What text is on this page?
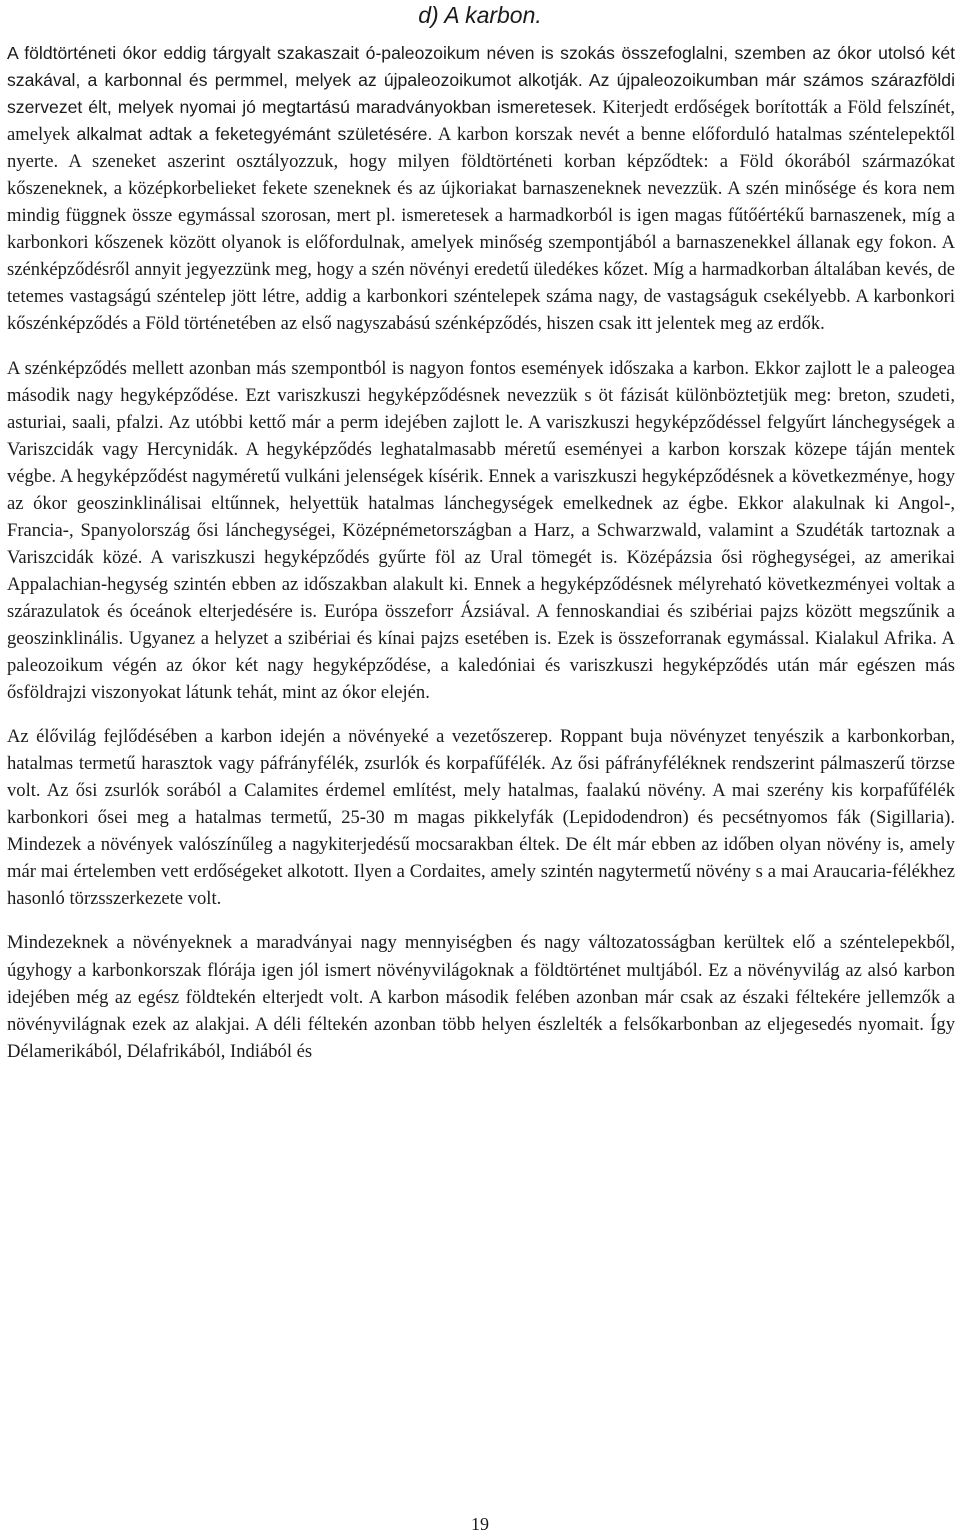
d) A karbon.

A földtörténeti ókor eddig tárgyalt szakaszait ó-paleozoikum néven is szokás összefoglalni, szemben az ókor utolsó két szakával, a karbonnal és permmel, melyek az újpaleozoikumot alkotják. Az újpaleozoikumban már számos szárazföldi szervezet élt, melyek nyomai jó megtartású maradványokban ismeretesek. Kiterjedt erdőségek borították a Föld felszínét, amelyek alkalmat adtak a feketegyémánt születésére. A karbon korszak nevét a benne előforduló hatalmas széntelepektől nyerte. A szeneket aszerint osztályozzuk, hogy milyen földtörténeti korban képződtek: a Föld ókorából származókat kőszeneknek, a középkorbelieket fekete szeneknek és az újkoriakat barnaszeneknek nevezzük. A szén minősége és kora nem mindig függnek össze egymással szorosan, mert pl. ismeretesek a harmadkorból is igen magas fűtőértékű barnaszenek, míg a karbonkori kőszenek között olyanok is előfordulnak, amelyek minőség szempontjából a barnaszenekkel állanak egy fokon. A szénképződésről annyit jegyezzünk meg, hogy a szén növényi eredetű üledékes kőzet. Míg a harmadkorban általában kevés, de tetemes vastagságú széntelep jött létre, addig a karbonkori széntelepek száma nagy, de vastagságuk csekélyebb. A karbonkori kőszénképződés a Föld történetében az első nagyszabású szénképződés, hiszen csak itt jelentek meg az erdők.

A szénképződés mellett azonban más szempontból is nagyon fontos események időszaka a karbon. Ekkor zajlott le a paleogea második nagy hegyképződése. Ezt variszkuszi hegyképződésnek nevezzük s öt fázisát különböztetjük meg: breton, szudeti, asturiai, saali, pfalzi. Az utóbbi kettő már a perm idejében zajlott le. A variszkuszi hegyképződéssel felgyűrt lánchegységek a Variszcidák vagy Hercynidák. A hegyképződés leghatalmasabb méretű eseményei a karbon korszak közepe táján mentek végbe. A hegyképződést nagyméretű vulkáni jelenségek kísérik. Ennek a variszkuszi hegyképződésnek a következménye, hogy az ókor geoszinklinálisai eltűnnek, helyettük hatalmas lánchegységek emelkednek az égbe. Ekkor alakulnak ki Angol-, Francia-, Spanyolország ősi lánchegységei, Középnémetországban a Harz, a Schwarzwald, valamint a Szudéták tartoznak a Variszcidák közé. A variszkuszi hegyképződés gyűrte föl az Ural tömegét is. Középázsia ősi röghegységei, az amerikai Appalachian-hegység szintén ebben az időszakban alakult ki. Ennek a hegyképződésnek mélyreható következményei voltak a szárazulatok és óceánok elterjedésére is. Európa összeforr Ázsiával. A fennoskandiai és szibériai pajzs között megszűnik a geoszinklinális. Ugyanez a helyzet a szibériai és kínai pajzs esetében is. Ezek is összeforranak egymással. Kialakul Afrika. A paleozoikum végén az ókor két nagy hegyképződése, a kaledóniai és variszkuszi hegyképződés után már egészen más ősföldrajzi viszonyokat látunk tehát, mint az ókor elején.

Az élővilág fejlődésében a karbon idején a növényeké a vezetőszerep. Roppant buja növényzet tenyészik a karbonkorban, hatalmas termetű harasztok vagy páfrányfélék, zsurlók és korpafűfélék. Az ősi páfrányféléknek rendszerint pálmaszerű törzse volt. Az ősi zsurlók sorából a Calamites érdemel említést, mely hatalmas, faalakú növény. A mai szerény kis korpafűfélék karbonkori ősei meg a hatalmas termetű, 25-30 m magas pikkelyfák (Lepidodendron) és pecsétnyomos fák (Sigillaria). Mindezek a növények valószínűleg a nagykiterjedésű mocsarakban éltek. De élt már ebben az időben olyan növény is, amely már mai értelemben vett erdőségeket alkotott. Ilyen a Cordaites, amely szintén nagytermetű növény s a mai Araucaria-félékhez hasonló törzsszerkezete volt.

Mindezeknek a növényeknek a maradványai nagy mennyiségben és nagy változatosságban kerültek elő a széntelepekből, úgyhogy a karbonkorszak flórája igen jól ismert növényvilágoknak a földtörténet multjából. Ez a növényvilág az alsó karbon idejében még az egész földtekén elterjedt volt. A karbon második felében azonban már csak az északi féltekére jellemzők a növényvilágnak ezek az alakjai. A déli féltekén azonban több helyen észlelték a felsőkarbonban az eljegesedés nyomait. Így Délamerikából, Délafrikából, Indiából és

19
